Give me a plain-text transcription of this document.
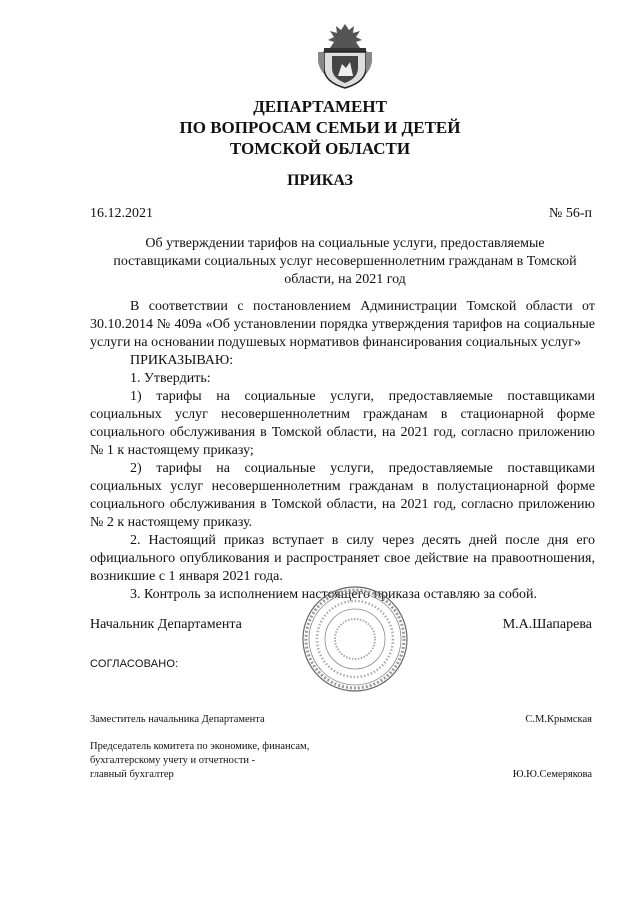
ДЕПАРТАМЕНТ
ПО ВОПРОСАМ СЕМЬИ И ДЕТЕЙ
ТОМСКОЙ ОБЛАСТИ
ПРИКАЗ
16.12.2021	№ 56-п
Об утверждении тарифов на социальные услуги, предоставляемые поставщиками социальных услуг несовершеннолетним гражданам в Томской области, на 2021 год
В соответствии с постановлением Администрации Томской области от
30.10.2014 № 409а «Об установлении порядка утверждения тарифов на социальные
услуги на основании подушевых нормативов финансирования социальных услуг»
ПРИКАЗЫВАЮ:
1. Утвердить:
1) тарифы на социальные услуги, предоставляемые поставщиками
социальных услуг несовершеннолетним гражданам в стационарной форме
социального обслуживания в Томской области, на 2021 год, согласно приложению
№ 1 к настоящему приказу;
2) тарифы на социальные услуги, предоставляемые поставщиками
социальных услуг несовершеннолетним гражданам в полустационарной форме
социального обслуживания в Томской области, на 2021 год, согласно приложению
№ 2 к настоящему приказу.
2. Настоящий приказ вступает в силу через десять дней после дня его
официального опубликования и распространяет свое действие на правоотношения,
возникшие с 1 января 2021 года.
3. Контроль за исполнением настоящего приказа оставляю за собой.
Начальник Департамента	М.А.Шапарева
СОГЛАСОВАНО:
Заместитель начальника Департамента	С.М.Крымская
Председатель комитета по экономике, финансам,
бухгалтерскому учету и отчетности -
главный бухгалтер	Ю.Ю.Семерякова
